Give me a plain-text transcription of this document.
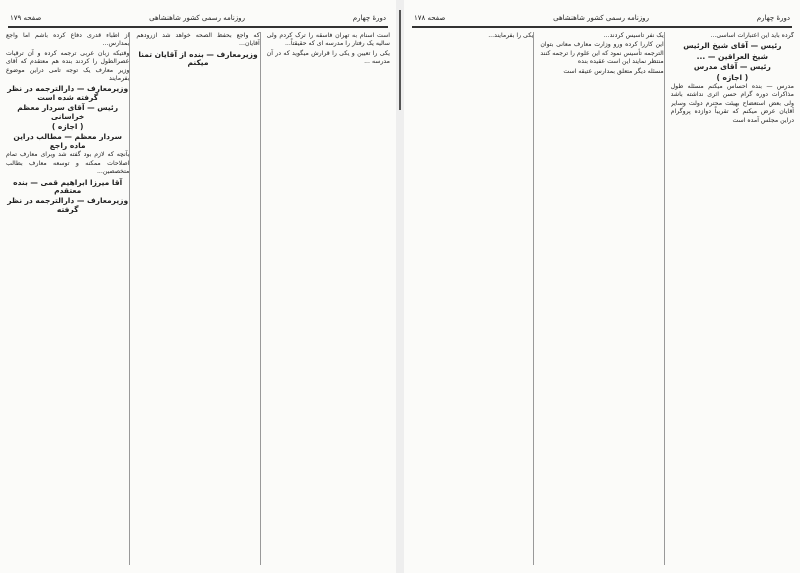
دورهٔ چهارم
روزنامه رسمی کشور شاهنشاهی
صفحه ۱۷۹

است آسنام به تهران فاسقه را ترک کردم ولی سالیه یک رفتار را مدرسه ای که حقیقتاً...

یکی را تعیین و یکی را قرارش میگوید که در آن مدرسه ...

که واجع بحفظ الصحه خواهد شد آزرودهم آقایان...

وزیرمعارف — بنده از آقایان تمنا میکنم

از اطباء قدری دفاع کرده باشم اما واجع بمدارس...

وقتیکه زبان عربی ترجمه کرده و آن ترقیات عصرالطول را کردند بنده هم معتقدم که آقای وزیر معارف یک توجه تامی دراین موضوع بفرمایند

وزیرمعارف — دارالترجمه در نظر گرفته شده است
رئیس — آقای سردار معظم خراسانی
( اجازه )
سردار معظم — مطالب دراین ماده راجع

بآنچه که لازم بود گفته شد وبرای معارف تمام اصلاحات ممکنه و توسعه معارف بطالب متخصصین...

آقا میرزا ابراهیم قمی — بنده معتقدم
وزیرمعارف — دارالترجمه در نظر گرفته
دورهٔ چهارم
روزنامه رسمی کشور شاهنشاهی
صفحه ۱۷۸

گرده باید این اعتبارات اساسی...

رئیس — آقای شیخ الرئیس
شیخ العراقین — ...
رئیس — آقای مدرس
( اجازه )

مدرس — بنده احساس میکنم مسئله طول مذاکرات دوره گرام حسن اثری نداشته باشد ولی بعض استعضاح بهیئت محترم دولت وسایر آقایان عرض میکنم که تقریباً دوازده پروگرام دراین مجلس آمده است

یک نفر تأسیس کردند...

این کاررا کرده ورو وزارت معارف معانی بتوان الترجمه تأسیس نمود که این علوم را ترجمه کنند منتظر نمایند این است عقیده بنده

مسئله دیگر متعلق بمدارس عتیقه است

یکی را بفرمایند...
